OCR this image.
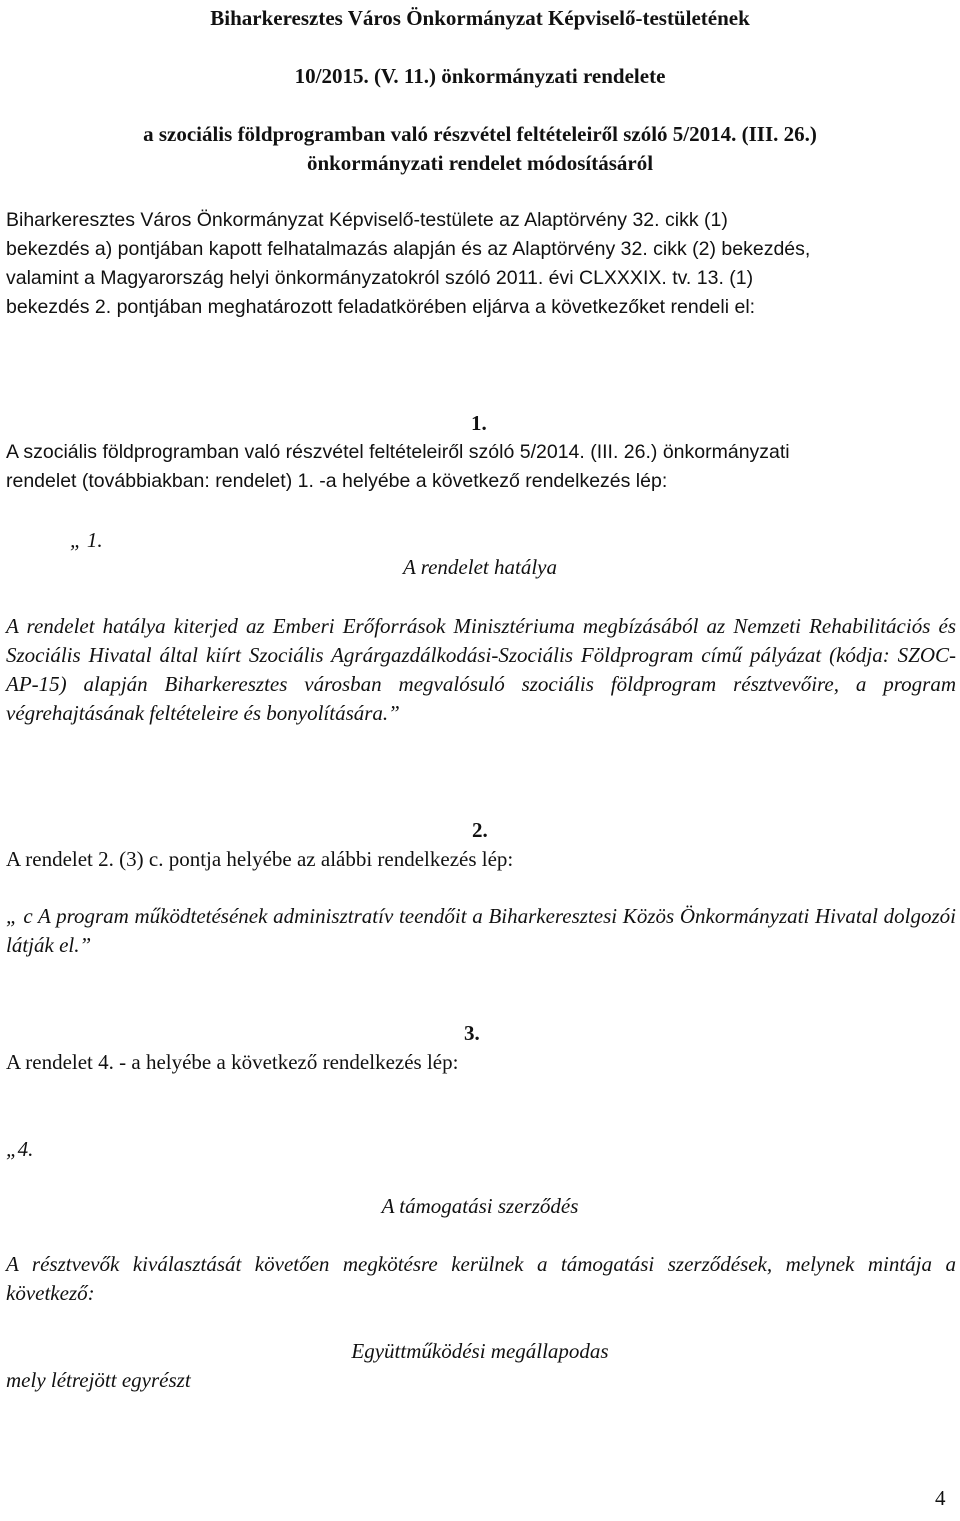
Biharkeresztes Város Önkormányzat Képviselő-testületének

10/2015. (V. 11.) önkormányzati rendelete

a szociális földprogramban való részvétel feltételeiről szóló 5/2014. (III. 26.)

önkormányzati rendelet módosításáról

Biharkeresztes Város Önkormányzat Képviselő-testülete az Alaptörvény 32. cikk (1)

bekezdés a) pontjában kapott felhatalmazás alapján és az Alaptörvény 32. cikk (2) bekezdés,

valamint a Magyarország helyi önkormányzatokról szóló 2011. évi CLXXXIX. tv. 13. (1)

bekezdés 2. pontjában meghatározott feladatkörében eljárva a következőket rendeli el:

1.

A szociális földprogramban való részvétel feltételeiről szóló 5/2014. (III. 26.) önkormányzati

rendelet (továbbiakban: rendelet) 1. -a helyébe a következő rendelkezés lép:

„ 1.

A rendelet hatálya

A rendelet hatálya kiterjed az Emberi Erőforrások Minisztériuma megbízásából az Nemzeti Rehabilitációs és Szociális Hivatal által kiírt Szociális Agrárgazdálkodási-Szociális Földprogram című pályázat (kódja: SZOC-AP-15) alapján Biharkeresztes városban megvalósuló szociális földprogram résztvevőire, a program végrehajtásának feltételeire és bonyolítására.”

2.

A rendelet 2. (3) c. pontja helyébe az alábbi rendelkezés lép:

„ c A program működtetésének adminisztratív teendőit a Biharkeresztesi Közös Önkormányzati Hivatal dolgozói látják el.”

3.

A rendelet 4. - a helyébe a következő rendelkezés lép:

„4.

A támogatási szerződés

A résztvevők kiválasztását követően megkötésre kerülnek a támogatási szerződések, melynek mintája a következő:

Együttműködési megállapodas

mely létrejött egyrészt

4
